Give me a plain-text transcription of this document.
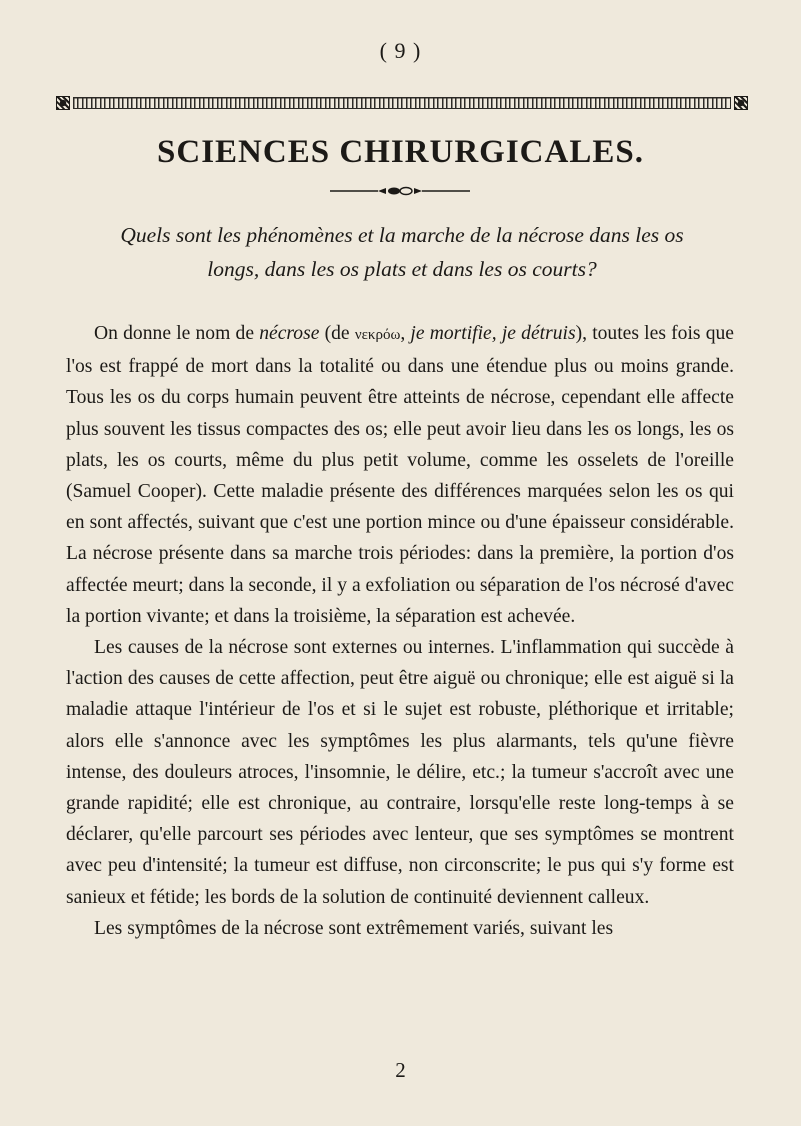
( 9 )
SCIENCES CHIRURGICALES.
Quels sont les phénomènes et la marche de la nécrose dans les os longs, dans les os plats et dans les os courts?

On donne le nom de nécrose (de νεκρόω, je mortifie, je détruis), toutes les fois que l'os est frappé de mort dans la totalité ou dans une étendue plus ou moins grande. Tous les os du corps humain peuvent être atteints de nécrose, cependant elle affecte plus souvent les tissus compactes des os; elle peut avoir lieu dans les os longs, les os plats, les os courts, même du plus petit volume, comme les osselets de l'oreille (Samuel Cooper). Cette maladie présente des différences marquées selon les os qui en sont affectés, suivant que c'est une portion mince ou d'une épaisseur considérable. La nécrose présente dans sa marche trois périodes: dans la première, la portion d'os affectée meurt; dans la seconde, il y a exfoliation ou séparation de l'os nécrosé d'avec la portion vivante; et dans la troisième, la séparation est achevée.

Les causes de la nécrose sont externes ou internes. L'inflammation qui succède à l'action des causes de cette affection, peut être aiguë ou chronique; elle est aiguë si la maladie attaque l'intérieur de l'os et si le sujet est robuste, pléthorique et irritable; alors elle s'annonce avec les symptômes les plus alarmants, tels qu'une fièvre intense, des douleurs atroces, l'insomnie, le délire, etc.; la tumeur s'accroît avec une grande rapidité; elle est chronique, au contraire, lorsqu'elle reste long-temps à se déclarer, qu'elle parcourt ses périodes avec lenteur, que ses symptômes se montrent avec peu d'intensité; la tumeur est diffuse, non circonscrite; le pus qui s'y forme est sanieux et fétide; les bords de la solution de continuité deviennent calleux.

Les symptômes de la nécrose sont extrêmement variés, suivant les

2
